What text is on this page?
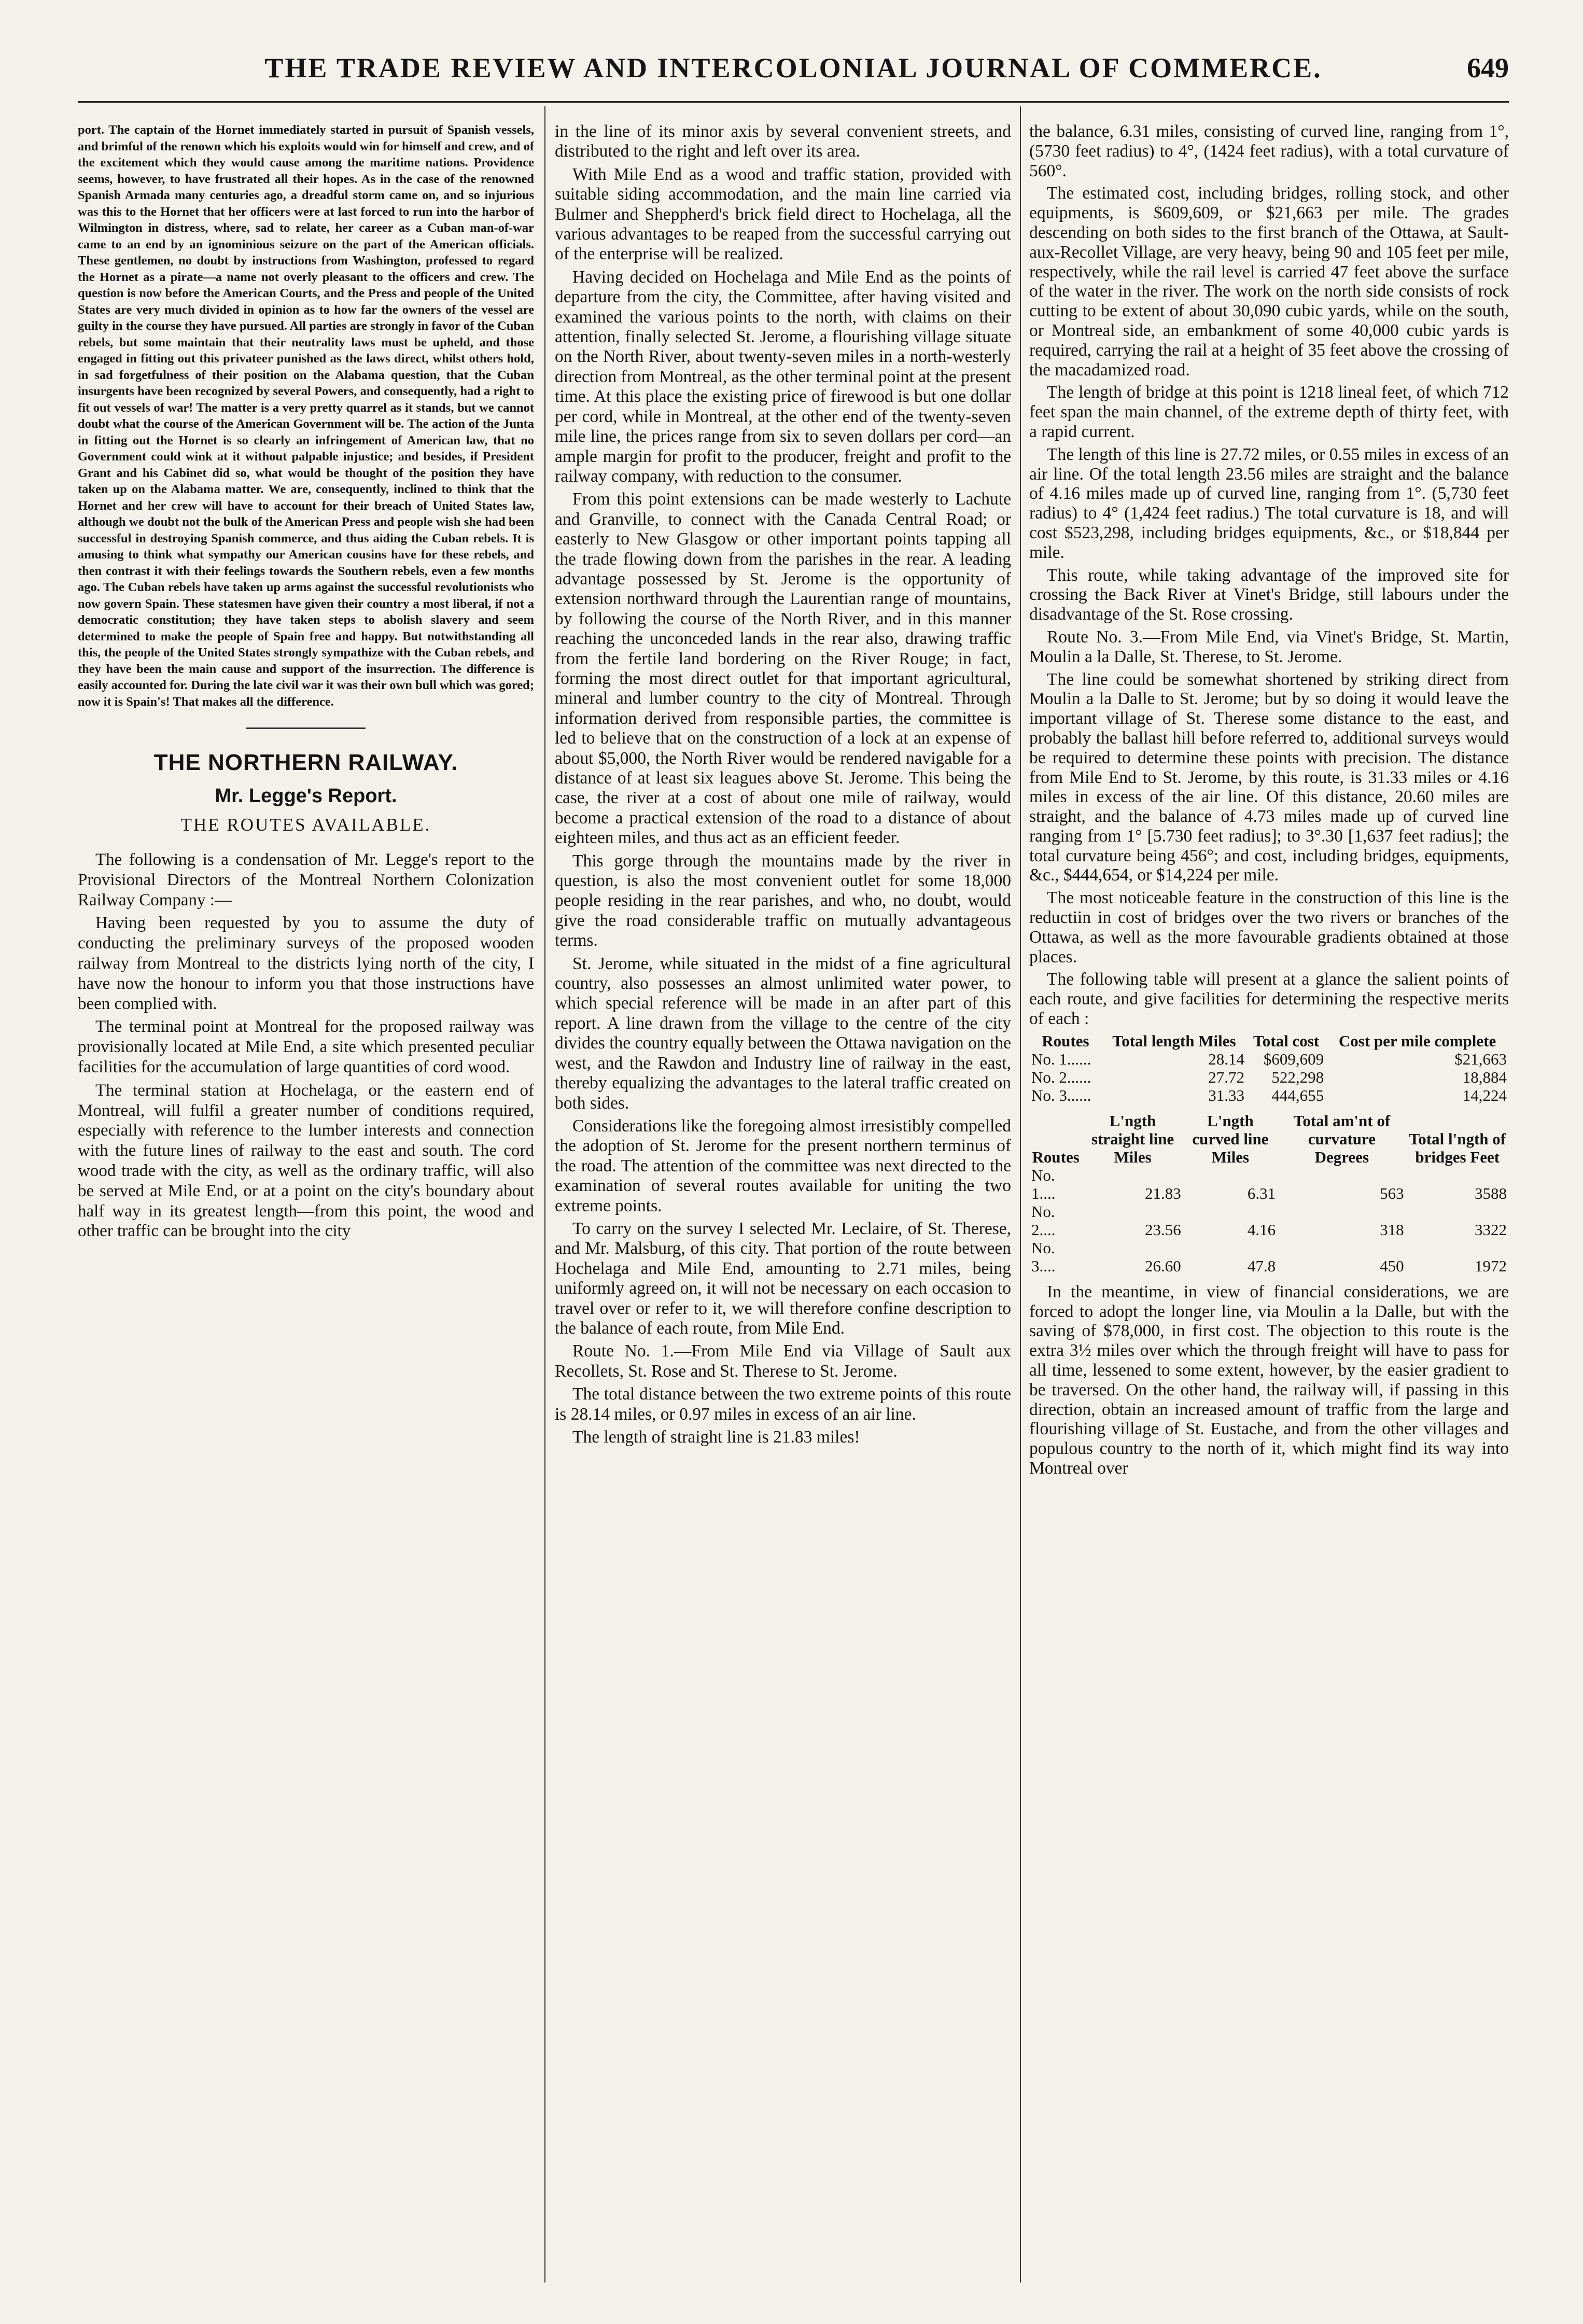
THE TRADE REVIEW AND INTERCOLONIAL JOURNAL OF COMMERCE.	649

port. The captain of the Hornet immediately started in pursuit of Spanish vessels, and brimful of the renown which his exploits would win for himself and crew, and of the excitement which they would cause among the maritime nations. Providence seems, however, to have frustrated all their hopes. As in the case of the renowned Spanish Armada many centuries ago, a dreadful storm came on, and so injurious was this to the Hornet that her officers were at last forced to run into the harbor of Wilmington in distress, where, sad to relate, her career as a Cuban man-of-war came to an end by an ignominious seizure on the part of the American officials. These gentlemen, no doubt by instructions from Washington, professed to regard the Hornet as a pirate—a name not overly pleasant to the officers and crew. The question is now before the American Courts, and the Press and people of the United States are very much divided in opinion as to how far the owners of the vessel are guilty in the course they have pursued. All parties are strongly in favor of the Cuban rebels, but some maintain that their neutrality laws must be upheld, and those engaged in fitting out this privateer punished as the laws direct, whilst others hold, in sad forgetfulness of their position on the Alabama question, that the Cuban insurgents have been recognized by several Powers, and consequently, had a right to fit out vessels of war! The matter is a very pretty quarrel as it stands, but we cannot doubt what the course of the American Government will be. The action of the Junta in fitting out the Hornet is so clearly an infringement of American law, that no Government could wink at it without palpable injustice; and besides, if President Grant and his Cabinet did so, what would be thought of the position they have taken up on the Alabama matter. We are, consequently, inclined to think that the Hornet and her crew will have to account for their breach of United States law, although we doubt not the bulk of the American Press and people wish she had been successful in destroying Spanish commerce, and thus aiding the Cuban rebels. It is amusing to think what sympathy our American cousins have for these rebels, and then contrast it with their feelings towards the Southern rebels, even a few months ago. The Cuban rebels have taken up arms against the successful revolutionists who now govern Spain. These statesmen have given their country a most liberal, if not a democratic constitution; they have taken steps to abolish slavery and seem determined to make the people of Spain free and happy. But notwithstanding all this, the people of the United States strongly sympathize with the Cuban rebels, and they have been the main cause and support of the insurrection. The difference is easily accounted for. During the late civil war it was their own bull which was gored; now it is Spain's! That makes all the difference.

THE NORTHERN RAILWAY.
Mr. Legge's Report.
THE ROUTES AVAILABLE.

The following is a condensation of Mr. Legge's report to the Provisional Directors of the Montreal Northern Colonization Railway Company :—

Having been requested by you to assume the duty of conducting the preliminary surveys of the proposed wooden railway from Montreal to the districts lying north of the city, I have now the honour to inform you that those instructions have been complied with.

The terminal point at Montreal for the proposed railway was provisionally located at Mile End, a site which presented peculiar facilities for the accumulation of large quantities of cord wood.

The terminal station at Hochelaga, or the eastern end of Montreal, will fulfil a greater number of conditions required, especially with reference to the lumber interests and connection with the future lines of railway to the east and south. The cord wood trade with the city, as well as the ordinary traffic, will also be served at Mile End, or at a point on the city's boundary about half way in its greatest length—from this point, the wood and other traffic can be brought into the city

in the line of its minor axis by several convenient streets, and distributed to the right and left over its area.

With Mile End as a wood and traffic station, provided with suitable siding accommodation, and the main line carried via Bulmer and Sheppherd's brick field direct to Hochelaga, all the various advantages to be reaped from the successful carrying out of the enterprise will be realized.

Having decided on Hochelaga and Mile End as the points of departure from the city, the Committee, after having visited and examined the various points to the north, with claims on their attention, finally selected St. Jerome, a flourishing village situate on the North River, about twenty-seven miles in a north-westerly direction from Montreal, as the other terminal point at the present time. At this place the existing price of firewood is but one dollar per cord, while in Montreal, at the other end of the twenty-seven mile line, the prices range from six to seven dollars per cord—an ample margin for profit to the producer, freight and profit to the railway company, with reduction to the consumer.

From this point extensions can be made westerly to Lachute and Granville, to connect with the Canada Central Road; or easterly to New Glasgow or other important points tapping all the trade flowing down from the parishes in the rear. A leading advantage possessed by St. Jerome is the opportunity of extension northward through the Laurentian range of mountains, by following the course of the North River, and in this manner reaching the unconceded lands in the rear also, drawing traffic from the fertile land bordering on the River Rouge; in fact, forming the most direct outlet for that important agricultural, mineral and lumber country to the city of Montreal. Through information derived from responsible parties, the committee is led to believe that on the construction of a lock at an expense of about $5,000, the North River would be rendered navigable for a distance of at least six leagues above St. Jerome. This being the case, the river at a cost of about one mile of railway, would become a practical extension of the road to a distance of about eighteen miles, and thus act as an efficient feeder.

This gorge through the mountains made by the river in question, is also the most convenient outlet for some 18,000 people residing in the rear parishes, and who, no doubt, would give the road considerable traffic on mutually advantageous terms.

St. Jerome, while situated in the midst of a fine agricultural country, also possesses an almost unlimited water power, to which special reference will be made in an after part of this report. A line drawn from the village to the centre of the city divides the country equally between the Ottawa navigation on the west, and the Rawdon and Industry line of railway in the east, thereby equalizing the advantages to the lateral traffic created on both sides.

Considerations like the foregoing almost irresistibly compelled the adoption of St. Jerome for the present northern terminus of the road. The attention of the committee was next directed to the examination of several routes available for uniting the two extreme points.

To carry on the survey I selected Mr. Leclaire, of St. Therese, and Mr. Malsburg, of this city. That portion of the route between Hochelaga and Mile End, amounting to 2.71 miles, being uniformly agreed on, it will not be necessary on each occasion to travel over or refer to it, we will therefore confine description to the balance of each route, from Mile End.

Route No. 1.—From Mile End via Village of Sault aux Recollets, St. Rose and St. Therese to St. Jerome.

The total distance between the two extreme points of this route is 28.14 miles, or 0.97 miles in excess of an air line.

The length of straight line is 21.83 miles!

the balance, 6.31 miles, consisting of curved line, ranging from 1°, (5730 feet radius) to 4°, (1424 feet radius), with a total curvature of 560°.

The estimated cost, including bridges, rolling stock, and other equipments, is $609,609, or $21,663 per mile. The grades descending on both sides to the first branch of the Ottawa, at Sault-aux-Recollet Village, are very heavy, being 90 and 105 feet per mile, respectively, while the rail level is carried 47 feet above the surface of the water in the river. The work on the north side consists of rock cutting to be extent of about 30,090 cubic yards, while on the south, or Montreal side, an embankment of some 40,000 cubic yards is required, carrying the rail at a height of 35 feet above the crossing of the macadamized road.

The length of bridge at this point is 1218 lineal feet, of which 712 feet span the main channel, of the extreme depth of thirty feet, with a rapid current.

The length of this line is 27.72 miles, or 0.55 miles in excess of an air line. Of the total length 23.56 miles are straight and the balance of 4.16 miles made up of curved line, ranging from 1°. (5,730 feet radius) to 4° (1,424 feet radius.) The total curvature is 18, and will cost $523,298, including bridges equipments, &c., or $18,844 per mile.

This route, while taking advantage of the improved site for crossing the Back River at Vinet's Bridge, still labours under the disadvantage of the St. Rose crossing.

Route No. 3.—From Mile End, via Vinet's Bridge, St. Martin, Moulin a la Dalle, St. Therese, to St. Jerome.

The line could be somewhat shortened by striking direct from Moulin a la Dalle to St. Jerome; but by so doing it would leave the important village of St. Therese some distance to the east, and probably the ballast hill before referred to, additional surveys would be required to determine these points with precision. The distance from Mile End to St. Jerome, by this route, is 31.33 miles or 4.16 miles in excess of the air line. Of this distance, 20.60 miles are straight, and the balance of 4.73 miles made up of curved line ranging from 1° [5.730 feet radius]; to 3°.30 [1,637 feet radius]; the total curvature being 456°; and cost, including bridges, equipments, &c., $444,654, or $14,224 per mile.

The most noticeable feature in the construction of this line is the reductiin in cost of bridges over the two rivers or branches of the Ottawa, as well as the more favourable gradients obtained at those places.

The following table will present at a glance the salient points of each route, and give facilities for determining the respective merits of each :

Routes	Total length Miles	Total cost	Cost per mile complete
No. 1......	28.14	$609,609	$21,663
No. 2......	27.72	522,298	18,884
No. 3......	31.33	444,655	14,224
Routes	L'ngth straight line Miles	L'ngth curved line Miles	Total am'nt of curvature Degrees	Total l'ngth of bridges Feet
No. 1....	21.83	6.31	563	3588
No. 2....	23.56	4.16	318	3322
No. 3....	26.60	47.8	450	1972

In the meantime, in view of financial considerations, we are forced to adopt the longer line, via Moulin a la Dalle, but with the saving of $78,000, in first cost. The objection to this route is the extra 3½ miles over which the through freight will have to pass for all time, lessened to some extent, however, by the easier gradient to be traversed. On the other hand, the railway will, if passing in this direction, obtain an increased amount of traffic from the large and flourishing village of St. Eustache, and from the other villages and populous country to the north of it, which might find its way into Montreal over
